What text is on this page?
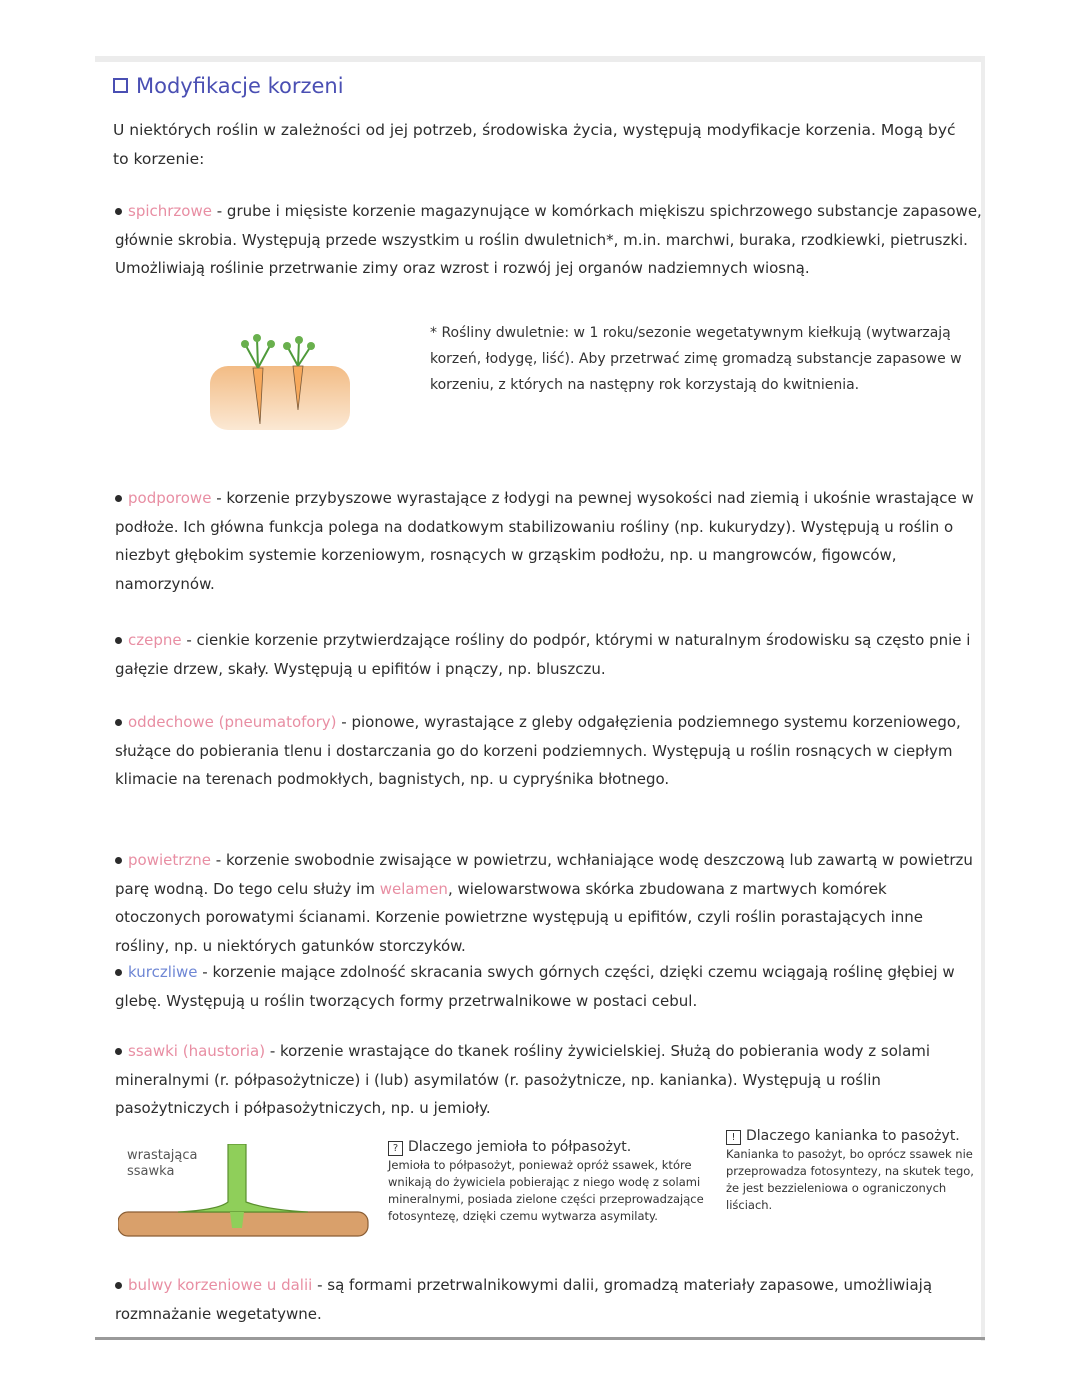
Modyfikacje korzeni
U niektórych roślin w zależności od jej potrzeb, środowiska życia, występują modyfikacje korzenia. Mogą być to korzenie:
spichrzowe - grube i mięsiste korzenie magazynujące w komórkach miękiszu spichrzowego substancje zapasowe, głównie skrobia. Występują przede wszystkim u roślin dwuletnich*, m.in. marchwi, buraka, rzodkiewki, pietruszki. Umożliwiają roślinie przetrwanie zimy oraz wzrost i rozwój jej organów nadziemnych wiosną.
* Rośliny dwuletnie: w 1 roku/sezonie wegetatywnym kiełkują (wytwarzają korzeń, łodygę, liść). Aby przetrwać zimę gromadzą substancje zapasowe w korzeniu, z których na następny rok korzystają do kwitnienia.
podporowe - korzenie przybyszowe wyrastające z łodygi na pewnej wysokości nad ziemią i ukośnie wrastające w podłoże. Ich główna funkcja polega na dodatkowym stabilizowaniu rośliny (np. kukurydzy). Występują u roślin o niezbyt głębokim systemie korzeniowym, rosnących w grząskim podłożu, np. u mangrowców, figowców, namorzynów.
czepne - cienkie korzenie przytwierdzające rośliny do podpór, którymi w naturalnym środowisku są często pnie i gałęzie drzew, skały. Występują u epifitów i pnączy, np. bluszczu.
oddechowe (pneumatofory) - pionowe, wyrastające z gleby odgałęzienia podziemnego systemu korzeniowego, służące do pobierania tlenu i dostarczania go do korzeni podziemnych. Występują u roślin rosnących w ciepłym klimacie na terenach podmokłych, bagnistych, np. u cypryśnika błotnego.
powietrzne - korzenie swobodnie zwisające w powietrzu, wchłaniające wodę deszczową lub zawartą w powietrzu parę wodną. Do tego celu służy im welamen, wielowarstwowa skórka zbudowana z martwych komórek otoczonych porowatymi ścianami. Korzenie powietrzne występują u epifitów, czyli roślin porastających inne rośliny, np. u niektórych gatunków storczyków.
kurczliwe - korzenie mające zdolność skracania swych górnych części, dzięki czemu wciągają roślinę głębiej w glebę. Występują u roślin tworzących formy przetrwalnikowe w postaci cebul.
ssawki (haustoria) - korzenie wrastające do tkanek rośliny żywicielskiej. Służą do pobierania wody z solami mineralnymi (r. półpasożytnicze) i (lub) asymilatów (r. pasożytnicze, np. kanianka). Występują u roślin pasożytniczych i półpasożytniczych, np. u jemioły.
wrastająca ssawka
? Dlaczego jemioła to półpasożyt.
Jemioła to półpasożyt, ponieważ opróż ssawek, które wnikają do żywiciela pobierając z niego wodę z solami mineralnymi, posiada zielone części przeprowadzające fotosyntezę, dzięki czemu wytwarza asymilaty.
! Dlaczego kanianka to pasożyt.
Kanianka to pasożyt, bo oprócz ssawek nie przeprowadza fotosyntezy, na skutek tego, że jest bezzieleniowa o ograniczonych liściach.
bulwy korzeniowe u dalii - są formami przetrwalnikowymi dalii, gromadzą materiały zapasowe, umożliwiają rozmnażanie wegetatywne.
